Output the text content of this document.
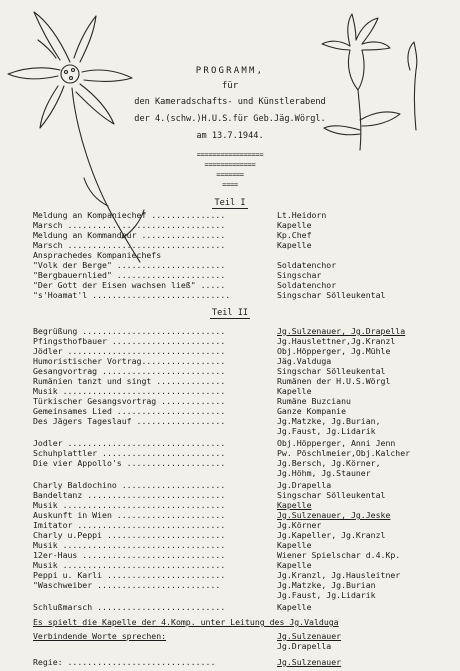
PROGRAMM,
für
den Kameradschafts- und Künstlerabend
der 4.(schw.)H.U.S.für Geb.Jäg.Wörgl.
am 13.7.1944.
=================
=============
=======
====
Teil I
Meldung an Kompaniechef ...............	Lt.Heidorn
Marsch ................................	Kapelle
Meldung an Kommandeur .................	Kp.Chef
Marsch ................................	Kapelle
Ansprachedes Kompaniechefs
"Volk der Berge" ......................	Soldatenchor
"Bergbauernlied" ......................	Singschar
"Der Gott der Eisen wachsen ließ" .....	Soldatenchor
"s'Hoamat'l ............................	Singschar Sölleukental
Teil II
Begrüßung .............................	Jg.Sulzenauer, Jg.Drapella
Pfingsthofbauer .......................	Jg.Hauslettner,Jg.Kranzl
Jödler ................................	Obj.Höpperger, Jg.Mühle
Humoristischer Vortrag.................	Jäg.Valduga
Gesangvortrag .........................	Singschar Sölleukental
Rumänien tanzt und singt ..............	Rumänen der H.U.S.Wörgl
Musik .................................	Kapelle
Türkischer Gesangsvortrag .............	Rumäne Buzcianu
Gemeinsames Lied ......................	Ganze Kompanie
Des Jägers Tageslauf ..................	Jg.Matzke, Jg.Burian,
Jg.Faust, Jg.Lidarik
Jodler ................................	Obj.Höpperger, Anni Jenn
Schuhplattler .........................	Pw. Pöschlmeier,Obj.Kalcher
Die vier Appollo's ....................	Jg.Bersch, Jg.Körner,
Jg.Höhm, Jg.Stauner
Charly Baldochino .....................	Jg.Drapella
Bandeltanz ............................	Singschar Sölleukental
Musik .................................	Kapelle
Auskunft in Wien ......................	Jg.Sulzenauer, Jg.Jeske
Imitator ..............................	Jg.Körner
Charly u.Peppi ........................	Jg.Kapeller, Jg.Kranzl
Musik .................................	Kapelle
12er-Haus .............................	Wiener Spielschar d.4.Kp.
Musik .................................	Kapelle
Peppi u. Karli ........................	Jg.Kranzl, Jg.Hausleitner
"Waschweiber .........................	Jg.Matzke, Jg.Burian
Jg.Faust, Jg.Lidarik
Schlußmarsch ..........................	Kapelle
Es spielt die Kapelle der 4.Komp. unter Leitung des Jg.Valduga
Verbindende Worte sprechen:	Jg.Sulzenauer
Jg.Drapella
Regie: ..............................	Jg.Sulzenauer
